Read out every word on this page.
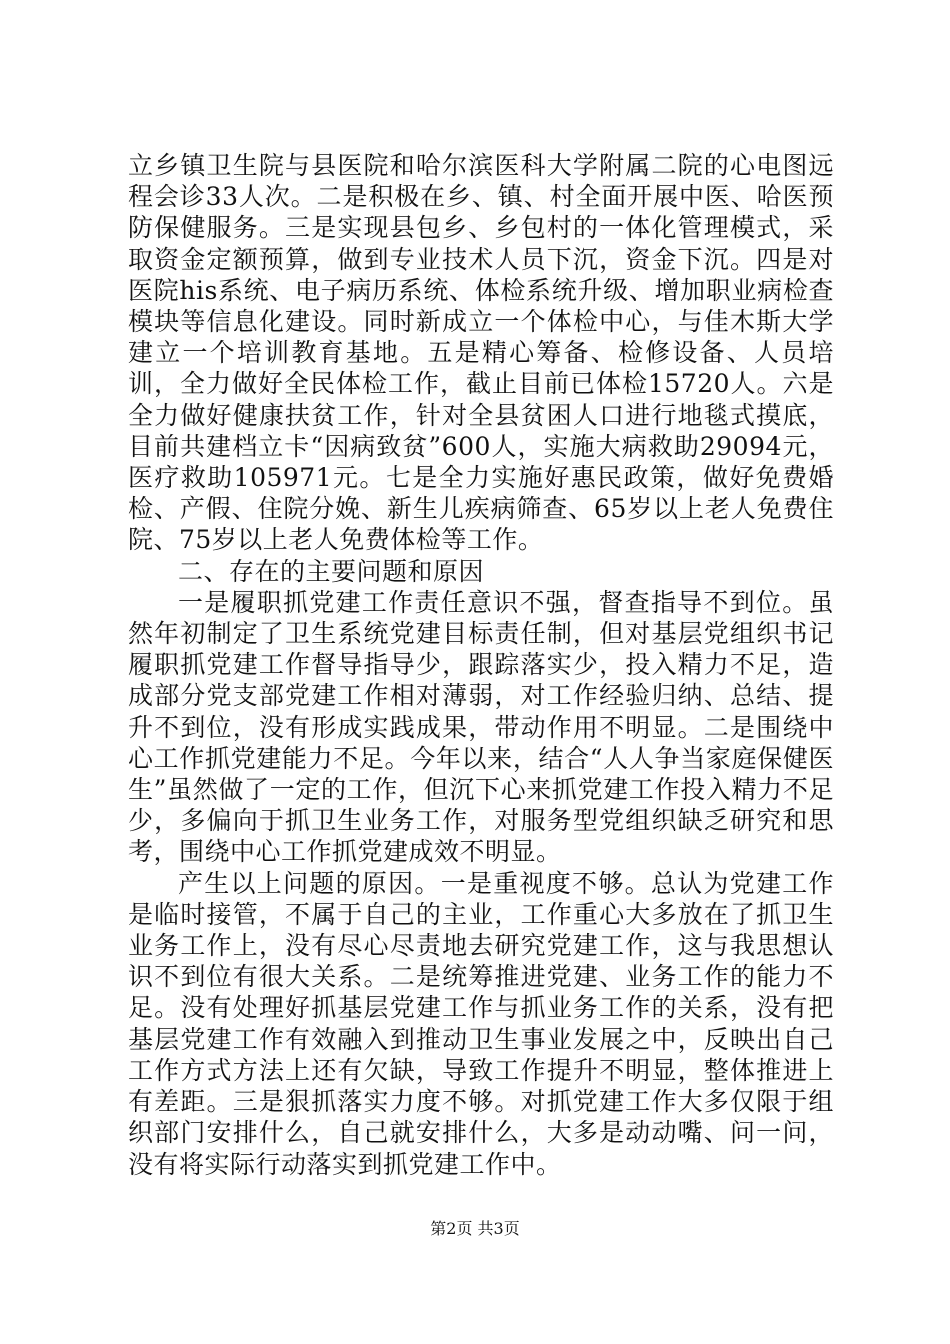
立乡镇卫生院与县医院和哈尔滨医科大学附属二院的心电图远程会诊33人次。二是积极在乡、镇、村全面开展中医、哈医预防保健服务。三是实现县包乡、乡包村的一体化管理模式，采取资金定额预算，做到专业技术人员下沉，资金下沉。四是对医院his系统、电子病历系统、体检系统升级、增加职业病检查模块等信息化建设。同时新成立一个体检中心，与佳木斯大学建立一个培训教育基地。五是精心筹备、检修设备、人员培训，全力做好全民体检工作，截止目前已体检15720人。六是全力做好健康扶贫工作，针对全县贫困人口进行地毯式摸底，目前共建档立卡“因病致贫”600人，实施大病救助29094元，医疗救助105971元。七是全力实施好惠民政策，做好免费婚检、产假、住院分娩、新生儿疾病筛查、65岁以上老人免费住院、75岁以上老人免费体检等工作。

二、存在的主要问题和原因

一是履职抓党建工作责任意识不强，督查指导不到位。虽然年初制定了卫生系统党建目标责任制，但对基层党组织书记履职抓党建工作督导指导少，跟踪落实少，投入精力不足，造成部分党支部党建工作相对薄弱，对工作经验归纳、总结、提升不到位，没有形成实践成果，带动作用不明显。二是围绕中心工作抓党建能力不足。今年以来，结合“人人争当家庭保健医生”虽然做了一定的工作，但沉下心来抓党建工作投入精力不足少，多偏向于抓卫生业务工作，对服务型党组织缺乏研究和思考，围绕中心工作抓党建成效不明显。

产生以上问题的原因。一是重视度不够。总认为党建工作是临时接管，不属于自己的主业，工作重心大多放在了抓卫生业务工作上，没有尽心尽责地去研究党建工作，这与我思想认识不到位有很大关系。二是统筹推进党建、业务工作的能力不足。没有处理好抓基层党建工作与抓业务工作的关系，没有把基层党建工作有效融入到推动卫生事业发展之中，反映出自己工作方式方法上还有欠缺，导致工作提升不明显，整体推进上有差距。三是狠抓落实力度不够。对抓党建工作大多仅限于组织部门安排什么，自己就安排什么，大多是动动嘴、问一问，没有将实际行动落实到抓党建工作中。

第2页 共3页
